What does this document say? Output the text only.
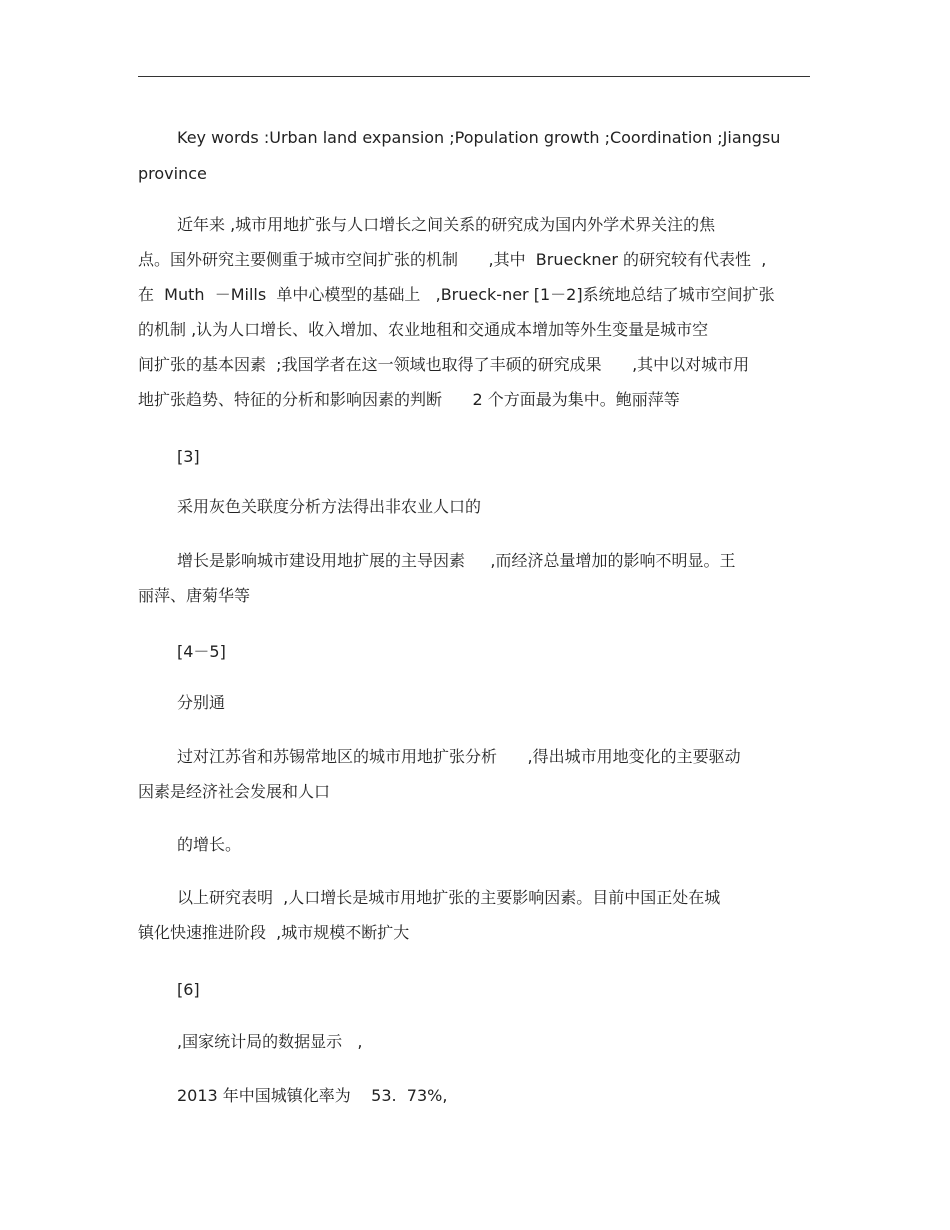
Key words :Urban land expansion ;Population growth ;Coordination ;Jiangsu

province

近年来 ,城市用地扩张与人口增长之间关系的研究成为国内外学术界关注的焦

点。国外研究主要侧重于城市空间扩张的机制      ,其中  Brueckner 的研究较有代表性  ,

在  Muth  －Mills  单中心模型的基础上   ,Brueck-ner [1－2]系统地总结了城市空间扩张

的机制 ,认为人口增长、收入增加、农业地租和交通成本增加等外生变量是城市空

间扩张的基本因素  ;我国学者在这一领域也取得了丰硕的研究成果      ,其中以对城市用

地扩张趋势、特征的分析和影响因素的判断      2 个方面最为集中。鲍丽萍等

[3]

采用灰色关联度分析方法得出非农业人口的

增长是影响城市建设用地扩展的主导因素     ,而经济总量增加的影响不明显。王

丽萍、唐菊华等

[4－5]

分别通

过对江苏省和苏锡常地区的城市用地扩张分析      ,得出城市用地变化的主要驱动

因素是经济社会发展和人口

的增长。

以上研究表明  ,人口增长是城市用地扩张的主要影响因素。目前中国正处在城

镇化快速推进阶段  ,城市规模不断扩大

[6]

,国家统计局的数据显示   ,

2013 年中国城镇化率为    53.  73%,
